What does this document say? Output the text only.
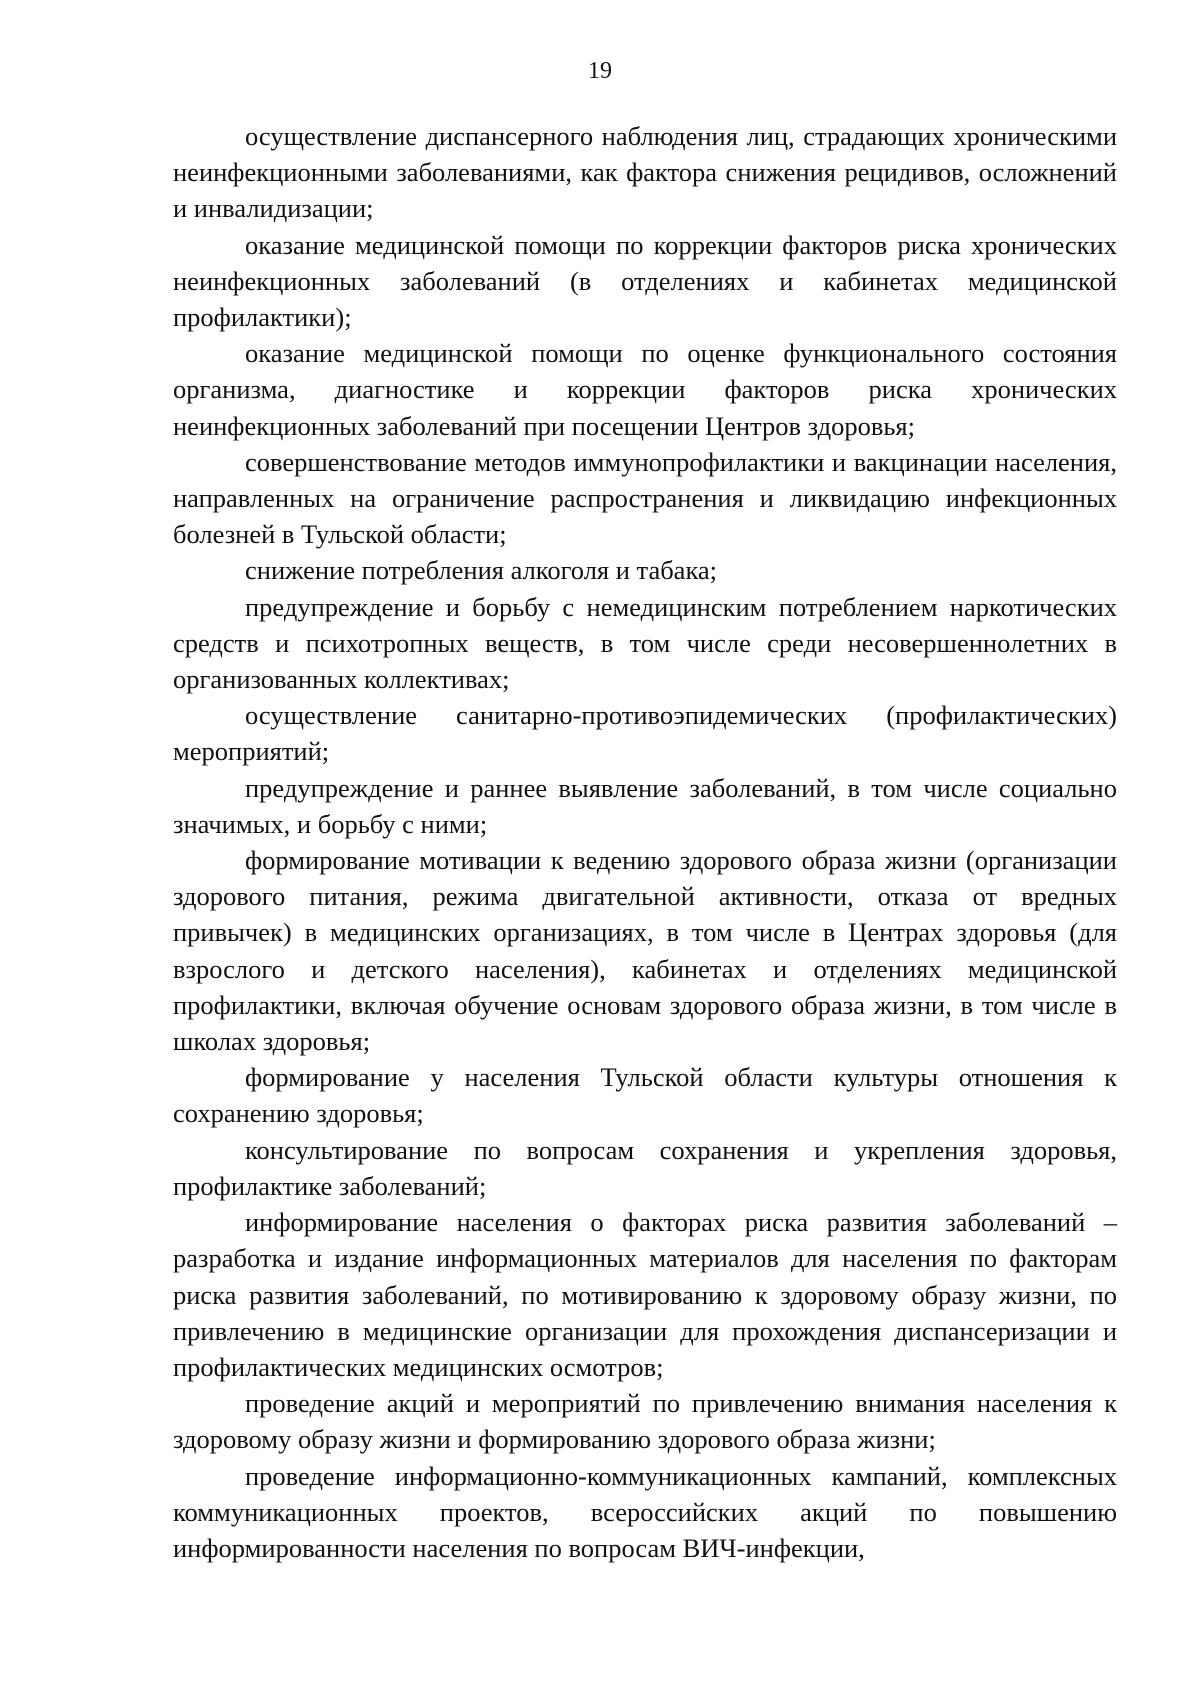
19

осуществление диспансерного наблюдения лиц, страдающих хроническими неинфекционными заболеваниями, как фактора снижения рецидивов, осложнений и инвалидизации;

оказание медицинской помощи по коррекции факторов риска хронических неинфекционных заболеваний (в отделениях и кабинетах медицинской профилактики);

оказание медицинской помощи по оценке функционального состояния организма, диагностике и коррекции факторов риска хронических неинфекционных заболеваний при посещении Центров здоровья;

совершенствование методов иммунопрофилактики и вакцинации населения, направленных на ограничение распространения и ликвидацию инфекционных болезней в Тульской области;

снижение потребления алкоголя и табака;

предупреждение и борьбу с немедицинским потреблением наркотических средств и психотропных веществ, в том числе среди несовершеннолетних в организованных коллективах;

осуществление санитарно-противоэпидемических (профилактических) мероприятий;

предупреждение и раннее выявление заболеваний, в том числе социально значимых, и борьбу с ними;

формирование мотивации к ведению здорового образа жизни (организации здорового питания, режима двигательной активности, отказа от вредных привычек) в медицинских организациях, в том числе в Центрах здоровья (для взрослого и детского населения), кабинетах и отделениях медицинской профилактики, включая обучение основам здорового образа жизни, в том числе в школах здоровья;

формирование у населения Тульской области культуры отношения к сохранению здоровья;

консультирование по вопросам сохранения и укрепления здоровья, профилактике заболеваний;

информирование населения о факторах риска развития заболеваний – разработка и издание информационных материалов для населения по факторам риска развития заболеваний, по мотивированию к здоровому образу жизни, по привлечению в медицинские организации для прохождения диспансеризации и профилактических медицинских осмотров;

проведение акций и мероприятий по привлечению внимания населения к здоровому образу жизни и формированию здорового образа жизни;

проведение информационно-коммуникационных кампаний, комплексных коммуникационных проектов, всероссийских акций по повышению информированности населения по вопросам ВИЧ-инфекции,
